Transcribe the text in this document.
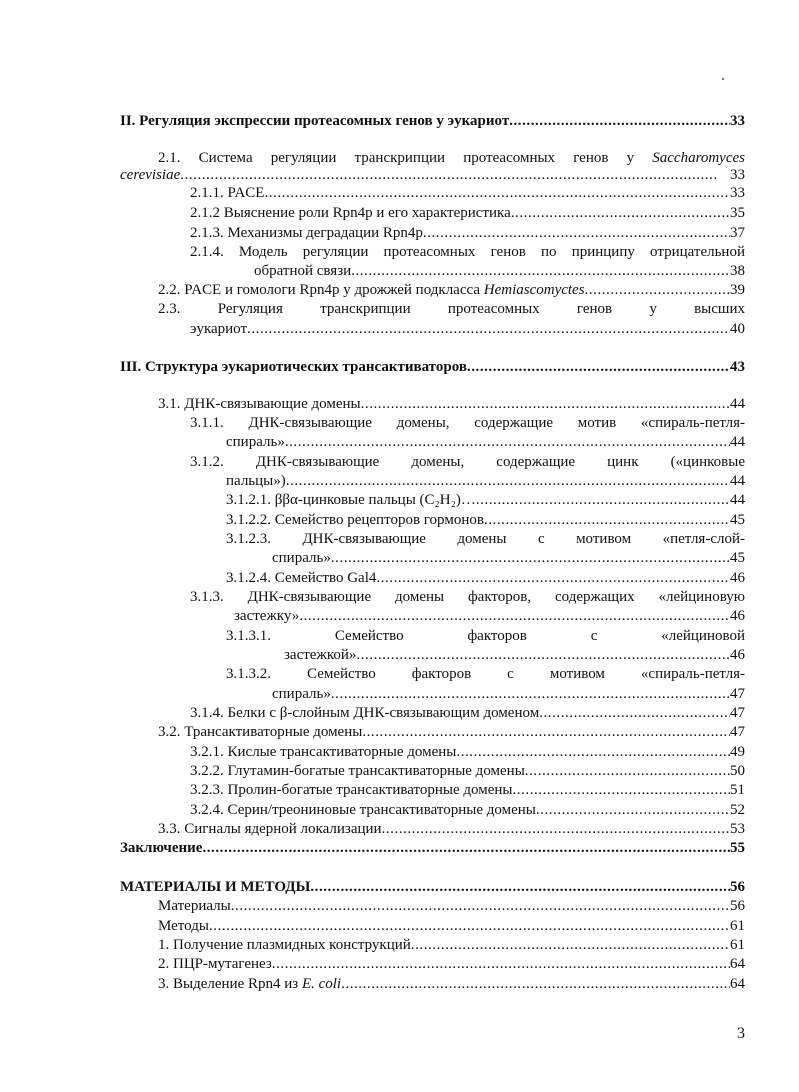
II. Регуляция экспрессии протеасомных генов у эукариот . . .	33
2.1. Система регуляции транскрипции протеасомных генов у Saccharomyces
cerevisiae . . .	33
2.1.1. PACE . . .	33
2.1.2 Выяснение роли Rpn4p и его характеристика . . .	35
2.1.3. Механизмы деградации Rpn4p . . .	37
2.1.4. Модель регуляции протеасомных генов по принципу отрицательной
обратной связи . . .	38
2.2. PACE и гомологи Rpn4p у дрожжей подкласса Hemiascomyctes . . .	39
2.3. Регуляция транскрипции протеасомных генов у высших
эукариот . . .	40
III. Структура эукариотических трансактиваторов . . .	43
3.1. ДНК-связывающие домены . . .	44
3.1.1. ДНК-связывающие домены, содержащие мотив «спираль-петля-
спираль» . . .	44
3.1.2. ДНК-связывающие домены, содержащие цинк («цинковые
пальцы») . . .	44
3.1.2.1. ββα-цинковые пальцы (C₂H₂)… . . .	44
3.1.2.2. Семейство рецепторов гормонов . . .	45
3.1.2.3. ДНК-связывающие домены с мотивом «петля-слой-
спираль» . . .	45
3.1.2.4. Семейство Gal4 . . .	46
3.1.3. ДНК-связывающие домены факторов, содержащих «лейциновую
застежку» . . .	46
3.1.3.1. Семейство факторов с «лейциновой
застежкой» . . .	46
3.1.3.2. Семейство факторов с мотивом «спираль-петля-
спираль» . . .	47
3.1.4. Белки с β-слойным ДНК-связывающим доменом . . .	47
3.2. Трансактиваторные домены . . .	47
3.2.1. Кислые трансактиваторные домены . . .	49
3.2.2. Глутамин-богатые трансактиваторные домены . . .	50
3.2.3. Пролин-богатые трансактиваторные домены . . .	51
3.2.4. Серин/треониновые трансактиваторные домены . . .	52
3.3. Сигналы ядерной локализации . . .	53
Заключение . . .	55
МАТЕРИАЛЫ И МЕТОДЫ . . .	56
Материалы . . .	56
Методы . . .	61
1. Получение плазмидных конструкций . . .	61
2. ПЦР-мутагенез . . .	64
3. Выделение Rpn4 из E. coli . . .	64
3
